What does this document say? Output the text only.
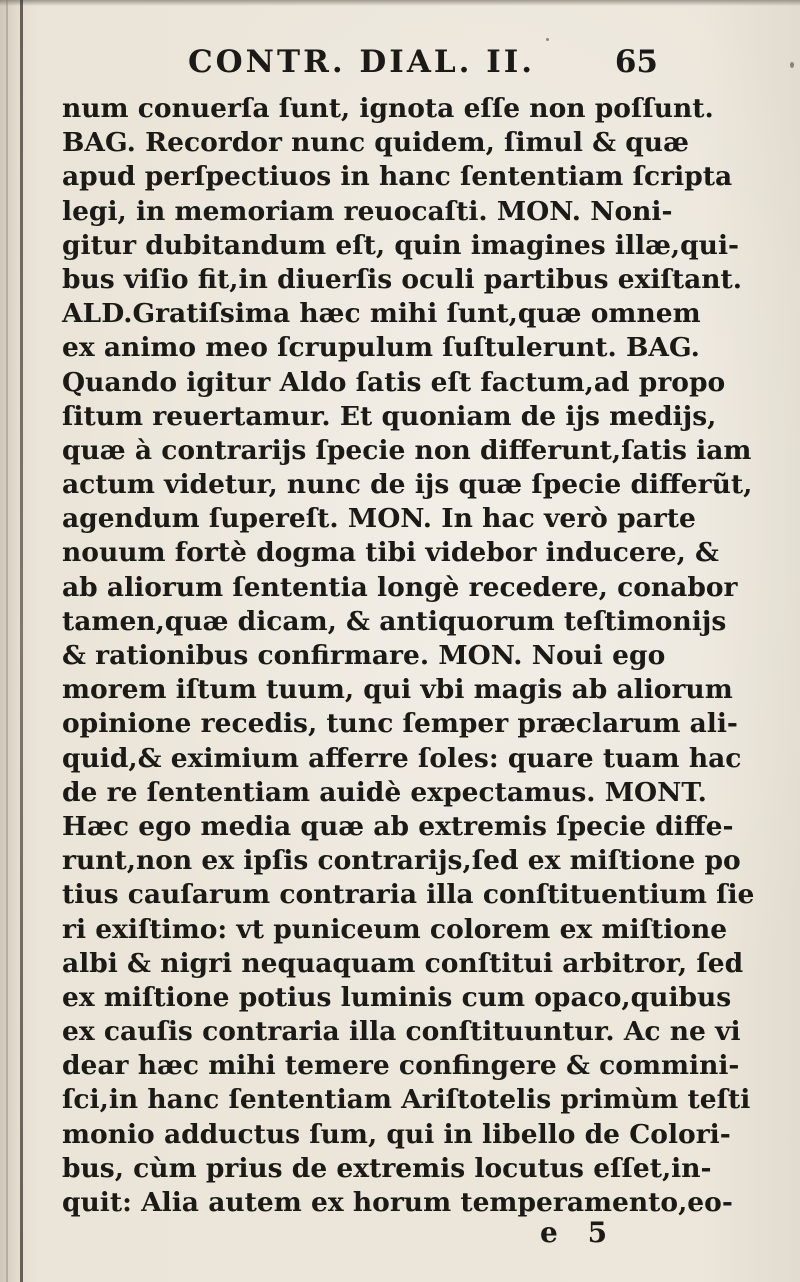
CONTR. DIAL. II.	65
num conuerſa ſunt, ignota eſſe non poſſunt.
BAG. Recordor nunc quidem, ſimul & quæ
apud perſpectiuos in hanc ſententiam ſcripta
legi, in memoriam reuocaſti. MON. Noni-
gitur dubitandum eſt, quin imagines illæ,qui-
bus viſio fit,in diuerſis oculi partibus exiſtant.
ALD.Gratiſsima hæc mihi ſunt,quæ omnem
ex animo meo ſcrupulum ſuſtulerunt. BAG.
Quando igitur Aldo ſatis eſt factum,ad propo
ſitum reuertamur. Et quoniam de ijs medijs,
quæ à contrarijs ſpecie non differunt,ſatis iam
actum videtur, nunc de ijs quæ ſpecie differũt,
agendum ſupereſt. MON. In hac verò parte
nouum fortè dogma tibi videbor inducere, &
ab aliorum ſententia longè recedere, conabor
tamen,quæ dicam, & antiquorum teſtimonijs
& rationibus confirmare. MON. Noui ego
morem iſtum tuum, qui vbi magis ab aliorum
opinione recedis, tunc ſemper præclarum ali-
quid,& eximium afferre ſoles: quare tuam hac
de re ſententiam auidè expectamus. MONT.
Hæc ego media quæ ab extremis ſpecie diffe-
runt,non ex ipſis contrarijs,ſed ex miſtione po
tius cauſarum contraria illa conſtituentium ſie
ri exiſtimo: vt puniceum colorem ex miſtione
albi & nigri nequaquam conſtitui arbitror, ſed
ex miſtione potius luminis cum opaco,quibus
ex cauſis contraria illa conſtituuntur. Ac ne vi
dear hæc mihi temere confingere & commini-
ſci,in hanc ſententiam Ariſtotelis primùm teſti
monio adductus ſum, qui in libello de Colori-
bus, cùm prius de extremis locutus eſſet,in-
quit: Alia autem ex horum temperamento,eo-
e 5
